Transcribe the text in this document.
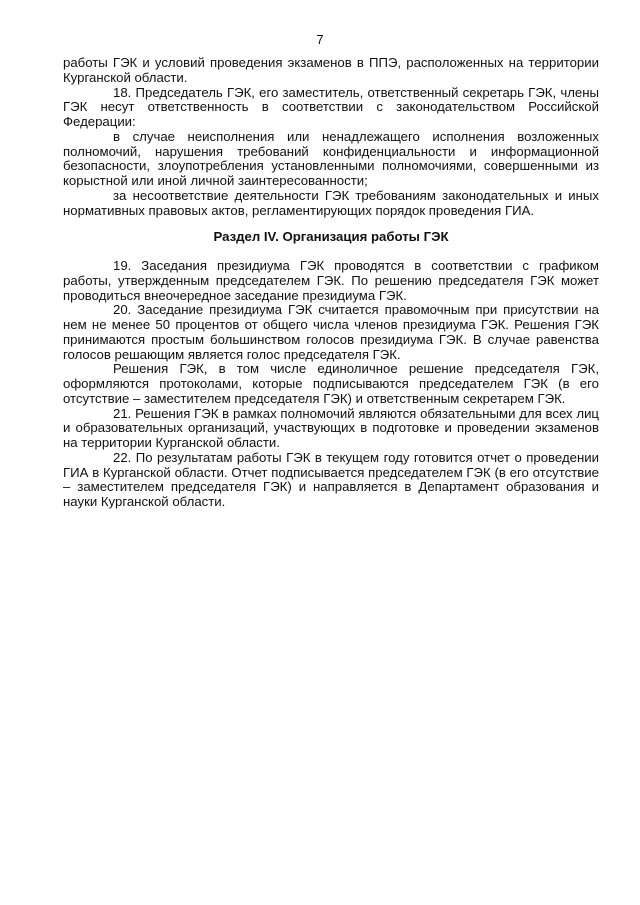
7

работы ГЭК и условий проведения экзаменов в ППЭ, расположенных на территории Курганской области.

18. Председатель ГЭК, его заместитель, ответственный секретарь ГЭК, члены ГЭК несут ответственность в соответствии с законодательством Российской Федерации:

в случае неисполнения или ненадлежащего исполнения возложенных полномочий, нарушения требований конфиденциальности и информационной безопасности, злоупотребления установленными полномочиями, совершенными из корыстной или иной личной заинтересованности;

за несоответствие деятельности ГЭК требованиям законодательных и иных нормативных правовых актов, регламентирующих порядок проведения ГИА.

Раздел IV. Организация работы ГЭК

19. Заседания президиума ГЭК проводятся в соответствии с графиком работы, утвержденным председателем ГЭК. По решению председателя ГЭК может проводиться внеочередное заседание президиума ГЭК.

20. Заседание президиума ГЭК считается правомочным при присутствии на нем не менее 50 процентов от общего числа членов президиума ГЭК. Решения ГЭК принимаются простым большинством голосов президиума ГЭК. В случае равенства голосов решающим является голос председателя ГЭК.

Решения ГЭК, в том числе единоличное решение председателя ГЭК, оформляются протоколами, которые подписываются председателем ГЭК (в его отсутствие – заместителем председателя ГЭК) и ответственным секретарем ГЭК.

21. Решения ГЭК в рамках полномочий являются обязательными для всех лиц и образовательных организаций, участвующих в подготовке и проведении экзаменов на территории Курганской области.

22. По результатам работы ГЭК в текущем году готовится отчет о проведении ГИА в Курганской области. Отчет подписывается председателем ГЭК (в его отсутствие – заместителем председателя ГЭК) и направляется в Департамент образования и науки Курганской области.
